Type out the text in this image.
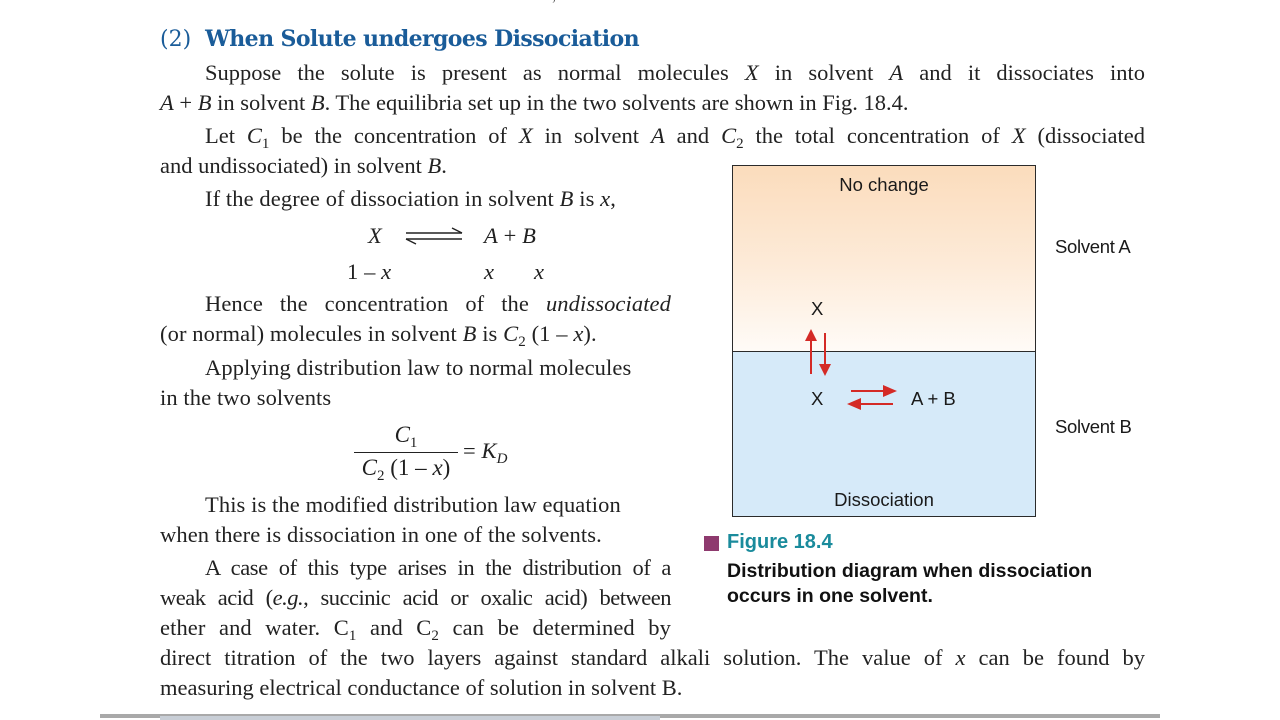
(2) When Solute undergoes Dissociation
Suppose the solute is present as normal molecules X in solvent A and it dissociates into
A + B in solvent B. The equilibria set up in the two solvents are shown in Fig. 18.4.
Let $C_1$ be the concentration of X in solvent A and $C_2$ the total concentration of X (dissociated
and undissociated) in solvent B.
If the degree of dissociation in solvent B is x,
X ⇌ A + B
1 – x	x x
Hence the concentration of the undissociated
(or normal) molecules in solvent B is $C_2$ (1 – x).
Applying distribution law to normal molecules
in the two solvents
$C_1$
$C_2$ (1 – x)
= $K_D$
This is the modified distribution law equation
when there is dissociation in one of the solvents.
A case of this type arises in the distribution of a
weak acid (e.g., succinic acid or oxalic acid) between
ether and water. $C_1$ and $C_2$ can be determined by
direct titration of the two layers against standard alkali solution. The value of x can be found by
measuring electrical conductance of solution in solvent B.
No change
X
X	A + B
Dissociation
Solvent A
Solvent B
Figure 18.4
Distribution diagram when dissociation
occurs in one solvent.
